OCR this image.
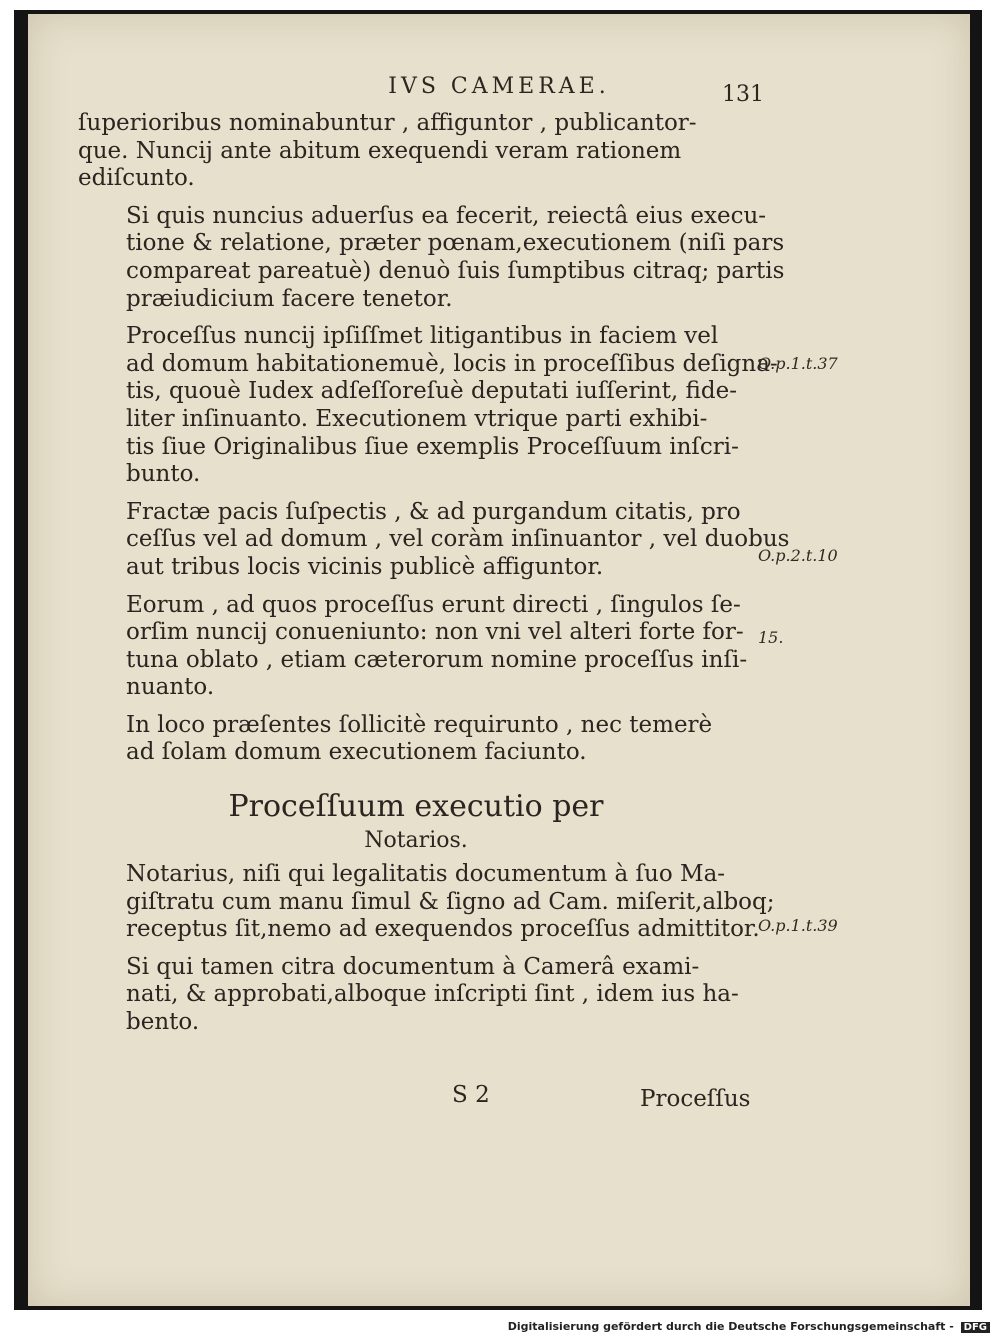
IVS CAMERAE.	131
ſuperioribus nominabuntur , affiguntor , publicantor-
que. Nuncij ante abitum exequendi veram rationem
ediſcunto.
Si quis nuncius aduerſus ea fecerit, reiectâ eius execu-
tione & relatione, præter pœnam,executionem (niſi pars
compareat pareatuè) denuò ſuis ſumptibus citraq; partis
præiudicium facere tenetor.
Proceſſus nuncij ipſiſſmet litigantibus in faciem vel
ad domum habitationemuè, locis in proceſſibus deſigna-
tis, quouè Iudex adſeſſoreſuè deputati iuſſerint, fide-
liter inſinuanto. Executionem vtrique parti exhibi-
tis ſiue Originalibus ſiue exemplis Proceſſuum inſcri-
bunto.
Fractæ pacis ſuſpectis , & ad purgandum citatis, pro
ceſſus vel ad domum , vel coràm inſinuantor , vel duobus
aut tribus locis vicinis publicè affiguntor.
Eorum , ad quos proceſſus erunt directi , ſingulos ſe-
orſim nuncij conueniunto: non vni vel alteri forte for-
tuna oblato , etiam cæterorum nomine proceſſus inſi-
nuanto.
In loco præſentes ſollicitè requirunto , nec temerè
ad ſolam domum executionem faciunto.
Proceſſuum executio per
Notarios.
Notarius, niſi qui legalitatis documentum à ſuo Ma-
giſtratu cum manu ſimul & ſigno ad Cam. miſerit,alboq;
receptus ſit,nemo ad exequendos proceſſus admittitor.
Si qui tamen citra documentum à Camerâ exami-
nati, & approbati,alboque inſcripti ſint , idem ius ha-
bento.
O.p.1.t.37
O.p.2.t.10
15.
O.p.1.t.39
S 2	Proceſſus
Digitalisierung gefördert durch die Deutsche Forschungsgemeinschaft - DFG
